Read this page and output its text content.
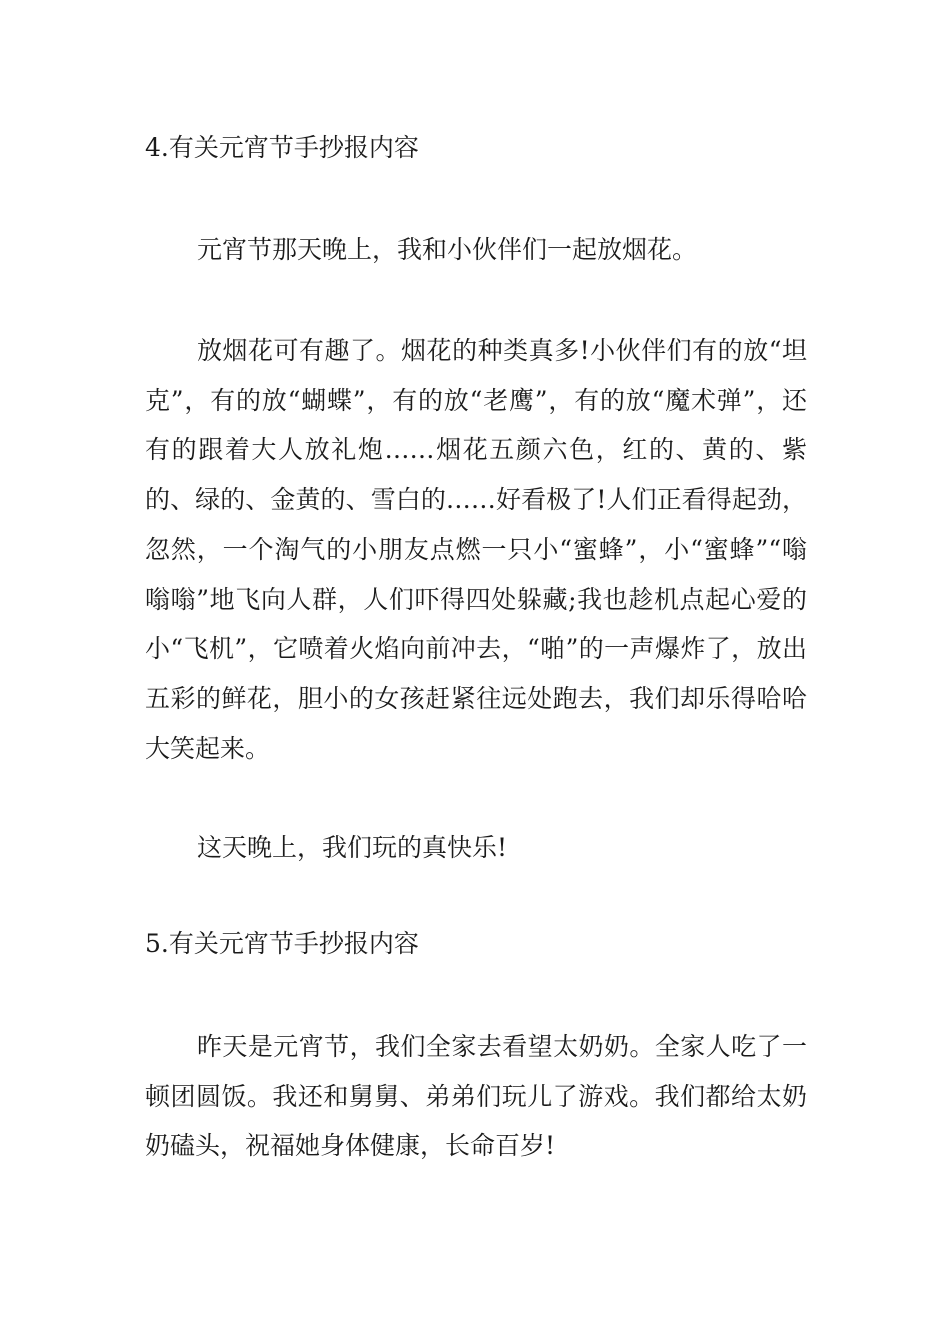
4.有关元宵节手抄报内容

元宵节那天晚上，我和小伙伴们一起放烟花。

放烟花可有趣了。烟花的种类真多!小伙伴们有的放“坦克”，有的放“蝴蝶”，有的放“老鹰”，有的放“魔术弹”，还有的跟着大人放礼炮……烟花五颜六色，红的、黄的、紫的、绿的、金黄的、雪白的……好看极了!人们正看得起劲，忽然，一个淘气的小朋友点燃一只小“蜜蜂”，小“蜜蜂”“嗡嗡嗡”地飞向人群，人们吓得四处躲藏;我也趁机点起心爱的小“飞机”，它喷着火焰向前冲去，“啪”的一声爆炸了，放出五彩的鲜花，胆小的女孩赶紧往远处跑去，我们却乐得哈哈大笑起来。

这天晚上，我们玩的真快乐!

5.有关元宵节手抄报内容

昨天是元宵节，我们全家去看望太奶奶。全家人吃了一顿团圆饭。我还和舅舅、弟弟们玩儿了游戏。我们都给太奶奶磕头，祝福她身体健康，长命百岁!
